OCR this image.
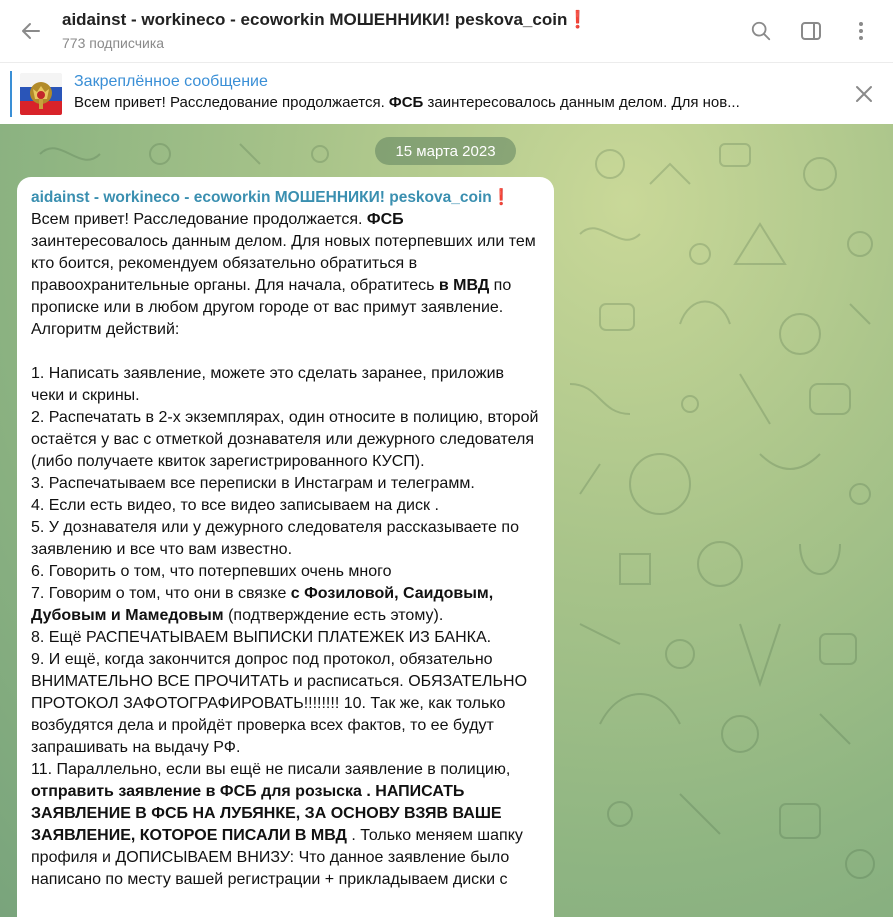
aidainst - workineco - ecoworkin МОШЕННИКИ! peskova_coin❗
773 подписчика
Закреплённое сообщение
Всем привет! Расследование продолжается. ФСБ заинтересовалось данным делом. Для нов...
15 марта 2023
aidainst - workineco - ecoworkin МОШЕННИКИ! peskova_coin❗
Всем привет! Расследование продолжается. ФСБ заинтересовалось данным делом. Для новых потерпевших или тем кто боится, рекомендуем обязательно обратиться в правоохранительные органы. Для начала, обратитесь в МВД по прописке или в любом другом городе от вас примут заявление. Алгоритм действий:
1. Написать заявление, можете это сделать заранее, приложив чеки и скрины.
2. Распечатать в 2-х экземплярах, один относите в полицию, второй остаётся у вас с отметкой дознавателя или дежурного следователя (либо получаете квиток зарегистрированного КУСП).
3. Распечатываем все переписки в Инстаграм и телеграмм.
4. Если есть видео, то все видео записываем на диск .
5. У дознавателя или у дежурного следователя рассказываете по заявлению и все что вам известно.
6. Говорить о том, что потерпевших очень много
7. Говорим о том, что они в связке с Фозиловой, Саидовым, Дубовым и Мамедовым (подтверждение есть этому).
8. Ещё РАСПЕЧАТЫВАЕМ ВЫПИСКИ ПЛАТЕЖЕК ИЗ БАНКА.
9. И ещё, когда закончится допрос под протокол, обязательно ВНИМАТЕЛЬНО ВСЕ ПРОЧИТАТЬ и расписаться. ОБЯЗАТЕЛЬНО ПРОТОКОЛ ЗАФОТОГРАФИРОВАТЬ!!!!!!!! 10. Так же, как только возбудятся дела и пройдёт проверка всех фактов, то ее будут запрашивать на выдачу РФ.
11. Параллельно, если вы ещё не писали заявление в полицию, отправить заявление в ФСБ для розыска . НАПИСАТЬ ЗАЯВЛЕНИЕ В ФСБ НА ЛУБЯНКЕ, ЗА ОСНОВУ ВЗЯВ ВАШЕ ЗАЯВЛЕНИЕ, КОТОРОЕ ПИСАЛИ В МВД . Только меняем шапку профиля и ДОПИСЫВАЕМ ВНИЗУ: Что данное заявление было написано по месту вашей регистрации + прикладываем диски с
